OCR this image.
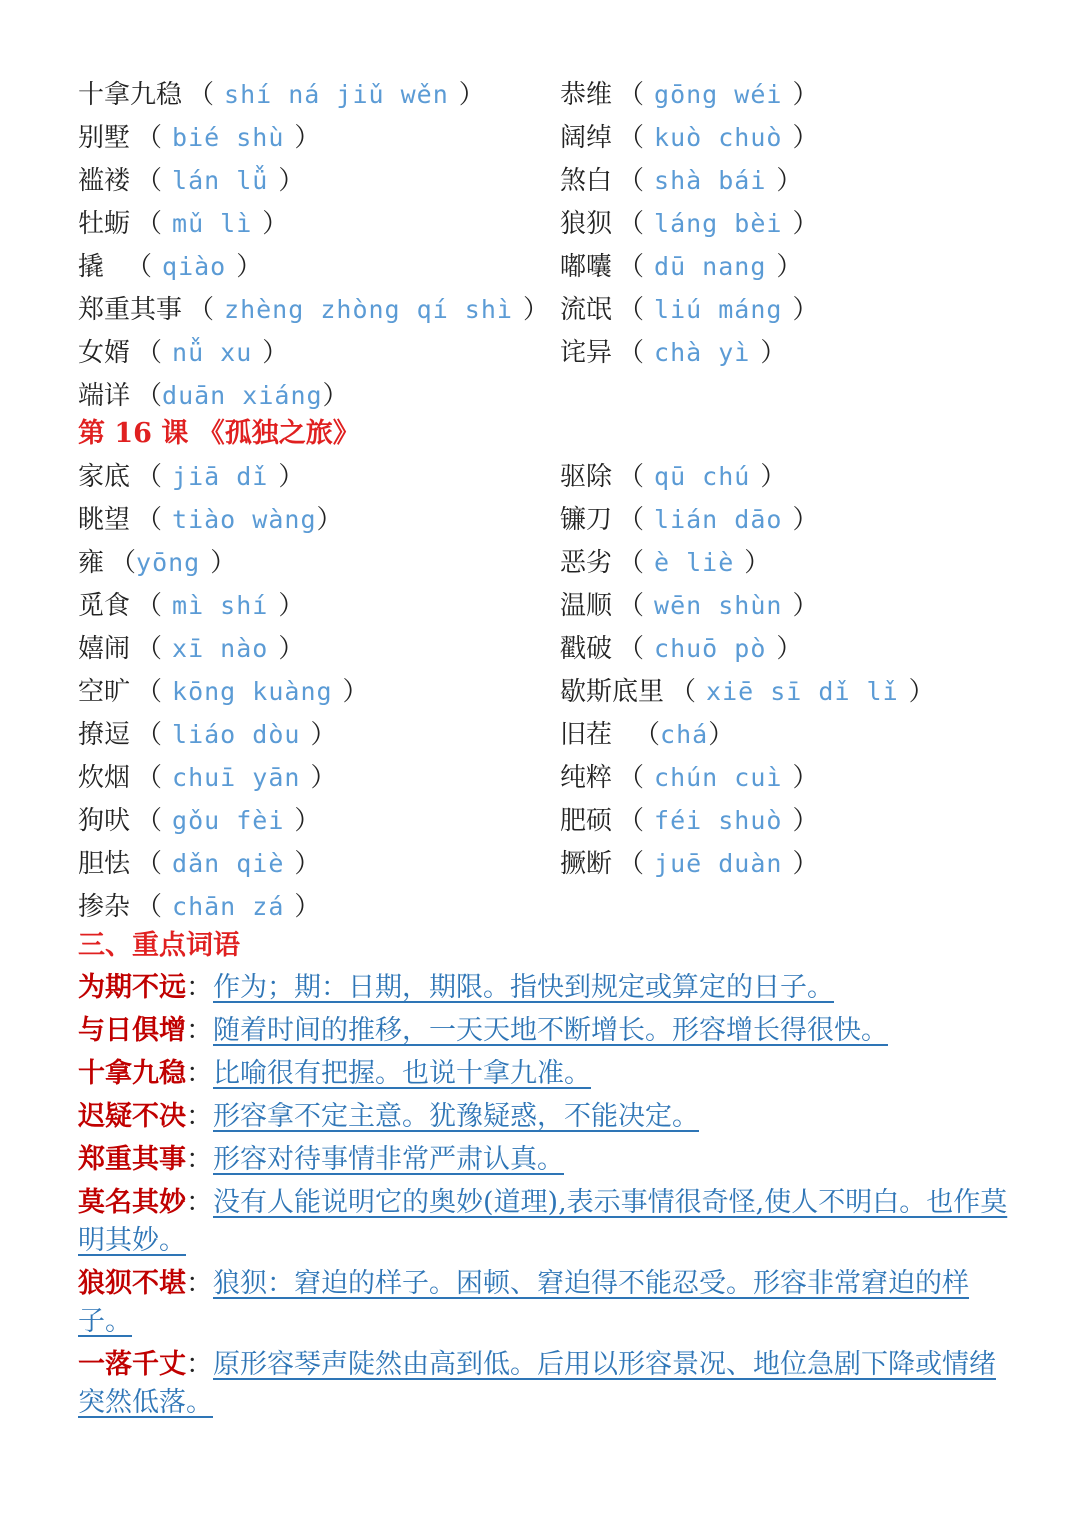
十拿九稳 （ shí ná jiǔ wěn ）	恭维 （ gōng wéi ）
别墅 （ bié shù ）	阔绰 （ kuò chuò ）
褴褛 （ lán lǚ ）	煞白 （ shà bái ）
牡蛎 （ mǔ lì ）	狼狈 （ láng bèi ）
撬 （ qiào ）	嘟囔 （ dū nang ）
郑重其事 （ zhèng zhòng qí shì ） 流氓 （ liú máng ）
女婿 （ nǚ xu ）	诧异 （ chà yì ）
端详 （duān xiáng）
第 16 课 《孤独之旅》
家底 （ jiā dǐ ）	驱除 （ qū chú ）
眺望 （ tiào wàng）	镰刀 （ lián dāo ）
雍 （yōng ）	恶劣 （ è liè ）
觅食 （ mì shí ）	温顺 （ wēn shùn ）
嬉闹 （ xī nào ）	戳破 （ chuō pò ）
空旷 （ kōng kuàng ）	歇斯底里 （ xiē sī dǐ lǐ ）
撩逗 （ liáo dòu ）	旧茬 （chá）
炊烟 （ chuī yān ）	纯粹 （ chún cuì ）
狗吠 （ gǒu fèi ）	肥硕 （ féi shuò ）
胆怯 （ dǎn qiè ）	撅断 （ juē duàn ）
掺杂 （ chān zá ）
三、重点词语
为期不远：作为；期：日期，期限。指快到规定或算定的日子。
与日俱增：随着时间的推移，一天天地不断增长。形容增长得很快。
十拿九稳：比喻很有把握。也说十拿九准。
迟疑不决：形容拿不定主意。犹豫疑惑，不能决定。
郑重其事：形容对待事情非常严肃认真。
莫名其妙：没有人能说明它的奥妙(道理),表示事情很奇怪,使人不明白。也作莫明其妙。
狼狈不堪：狼狈：窘迫的样子。困顿、窘迫得不能忍受。形容非常窘迫的样子。
一落千丈：原形容琴声陡然由高到低。后用以形容景况、地位急剧下降或情绪突然低落。
